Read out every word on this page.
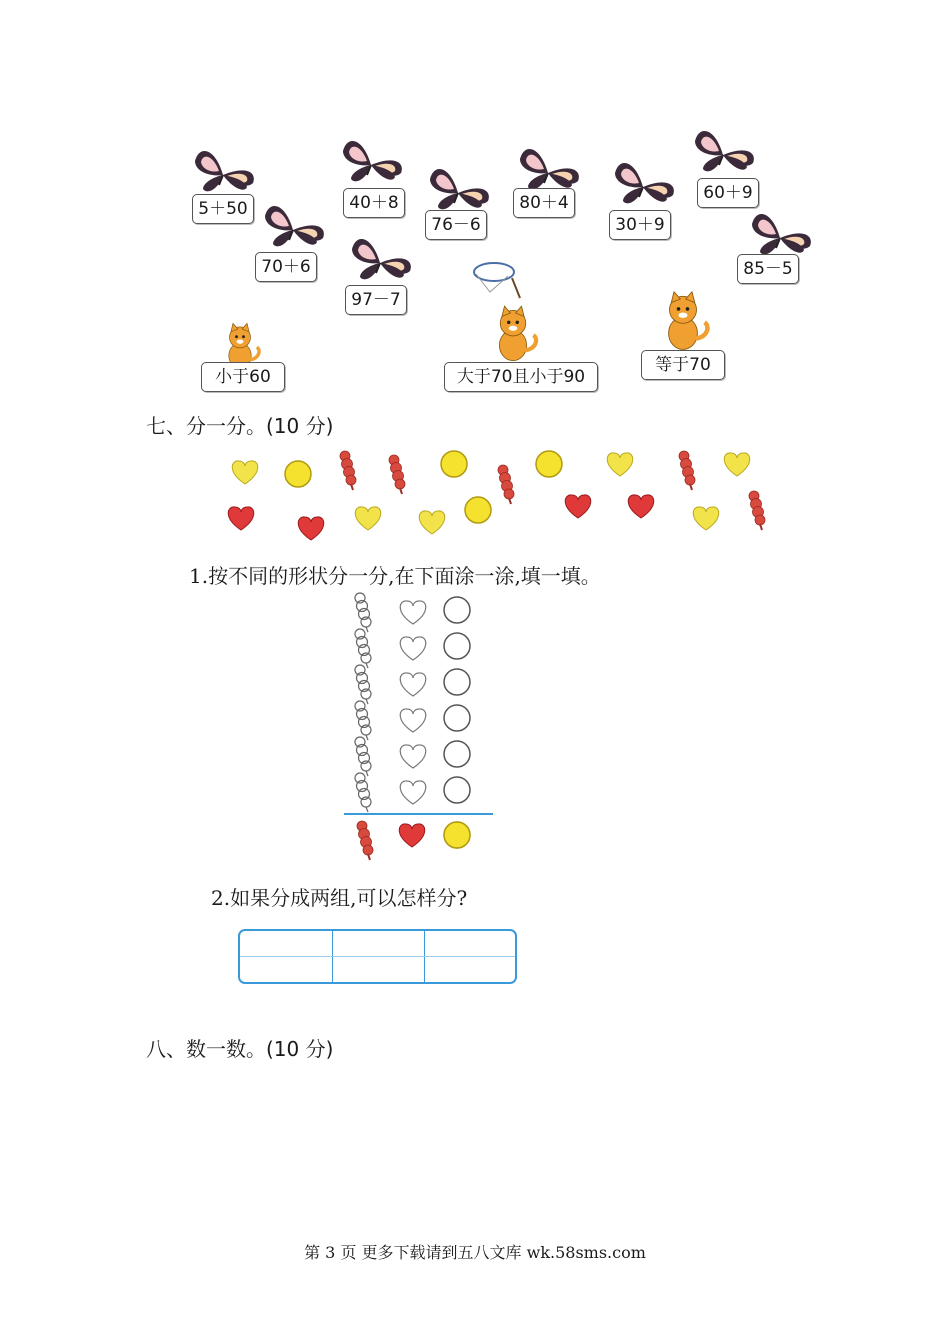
5＋50
70＋6
40＋8
97－7
76－6
80＋4
30＋9
60＋9
85－5
小于60	大于70且小于90
等于70
七、分一分。(10 分)
1.按不同的形状分一分,在下面涂一涂,填一填。
2.如果分成两组,可以怎样分?
八、数一数。(10 分)
第 3 页 更多下载请到五八文库 wk.58sms.com
